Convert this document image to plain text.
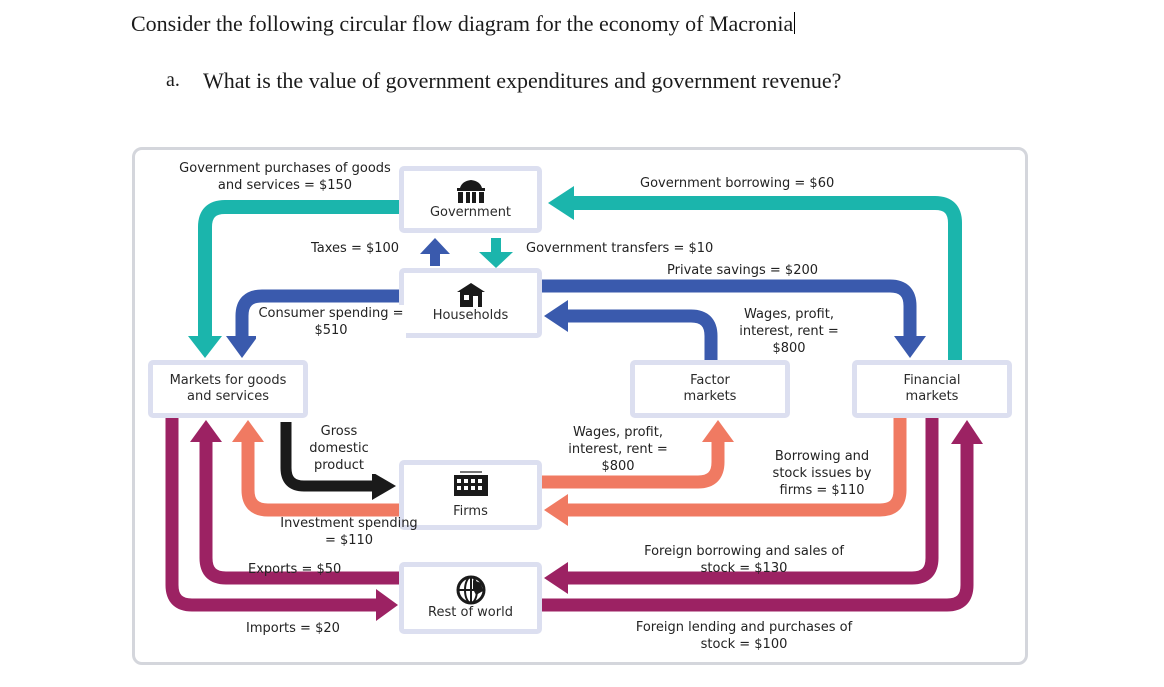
Consider the following circular flow diagram for the economy of Macronia
a. What is the value of government expenditures and government revenue?
Government
Households
Markets for goods and services
Factor markets
Financial markets
Firms
Rest of world
Government purchases of goods and services = $150	Government borrowing = $60
Taxes = $100	Government transfers = $10
Private savings = $200
Consumer spending = $510
Wages, profit, interest, rent = $800
Gross domestic product
Wages, profit, interest, rent = $800
Borrowing and stock issues by firms = $110
Investment spending = $110
Exports = $50
Foreign borrowing and sales of stock = $130
Imports = $20	Foreign lending and purchases of stock = $100
